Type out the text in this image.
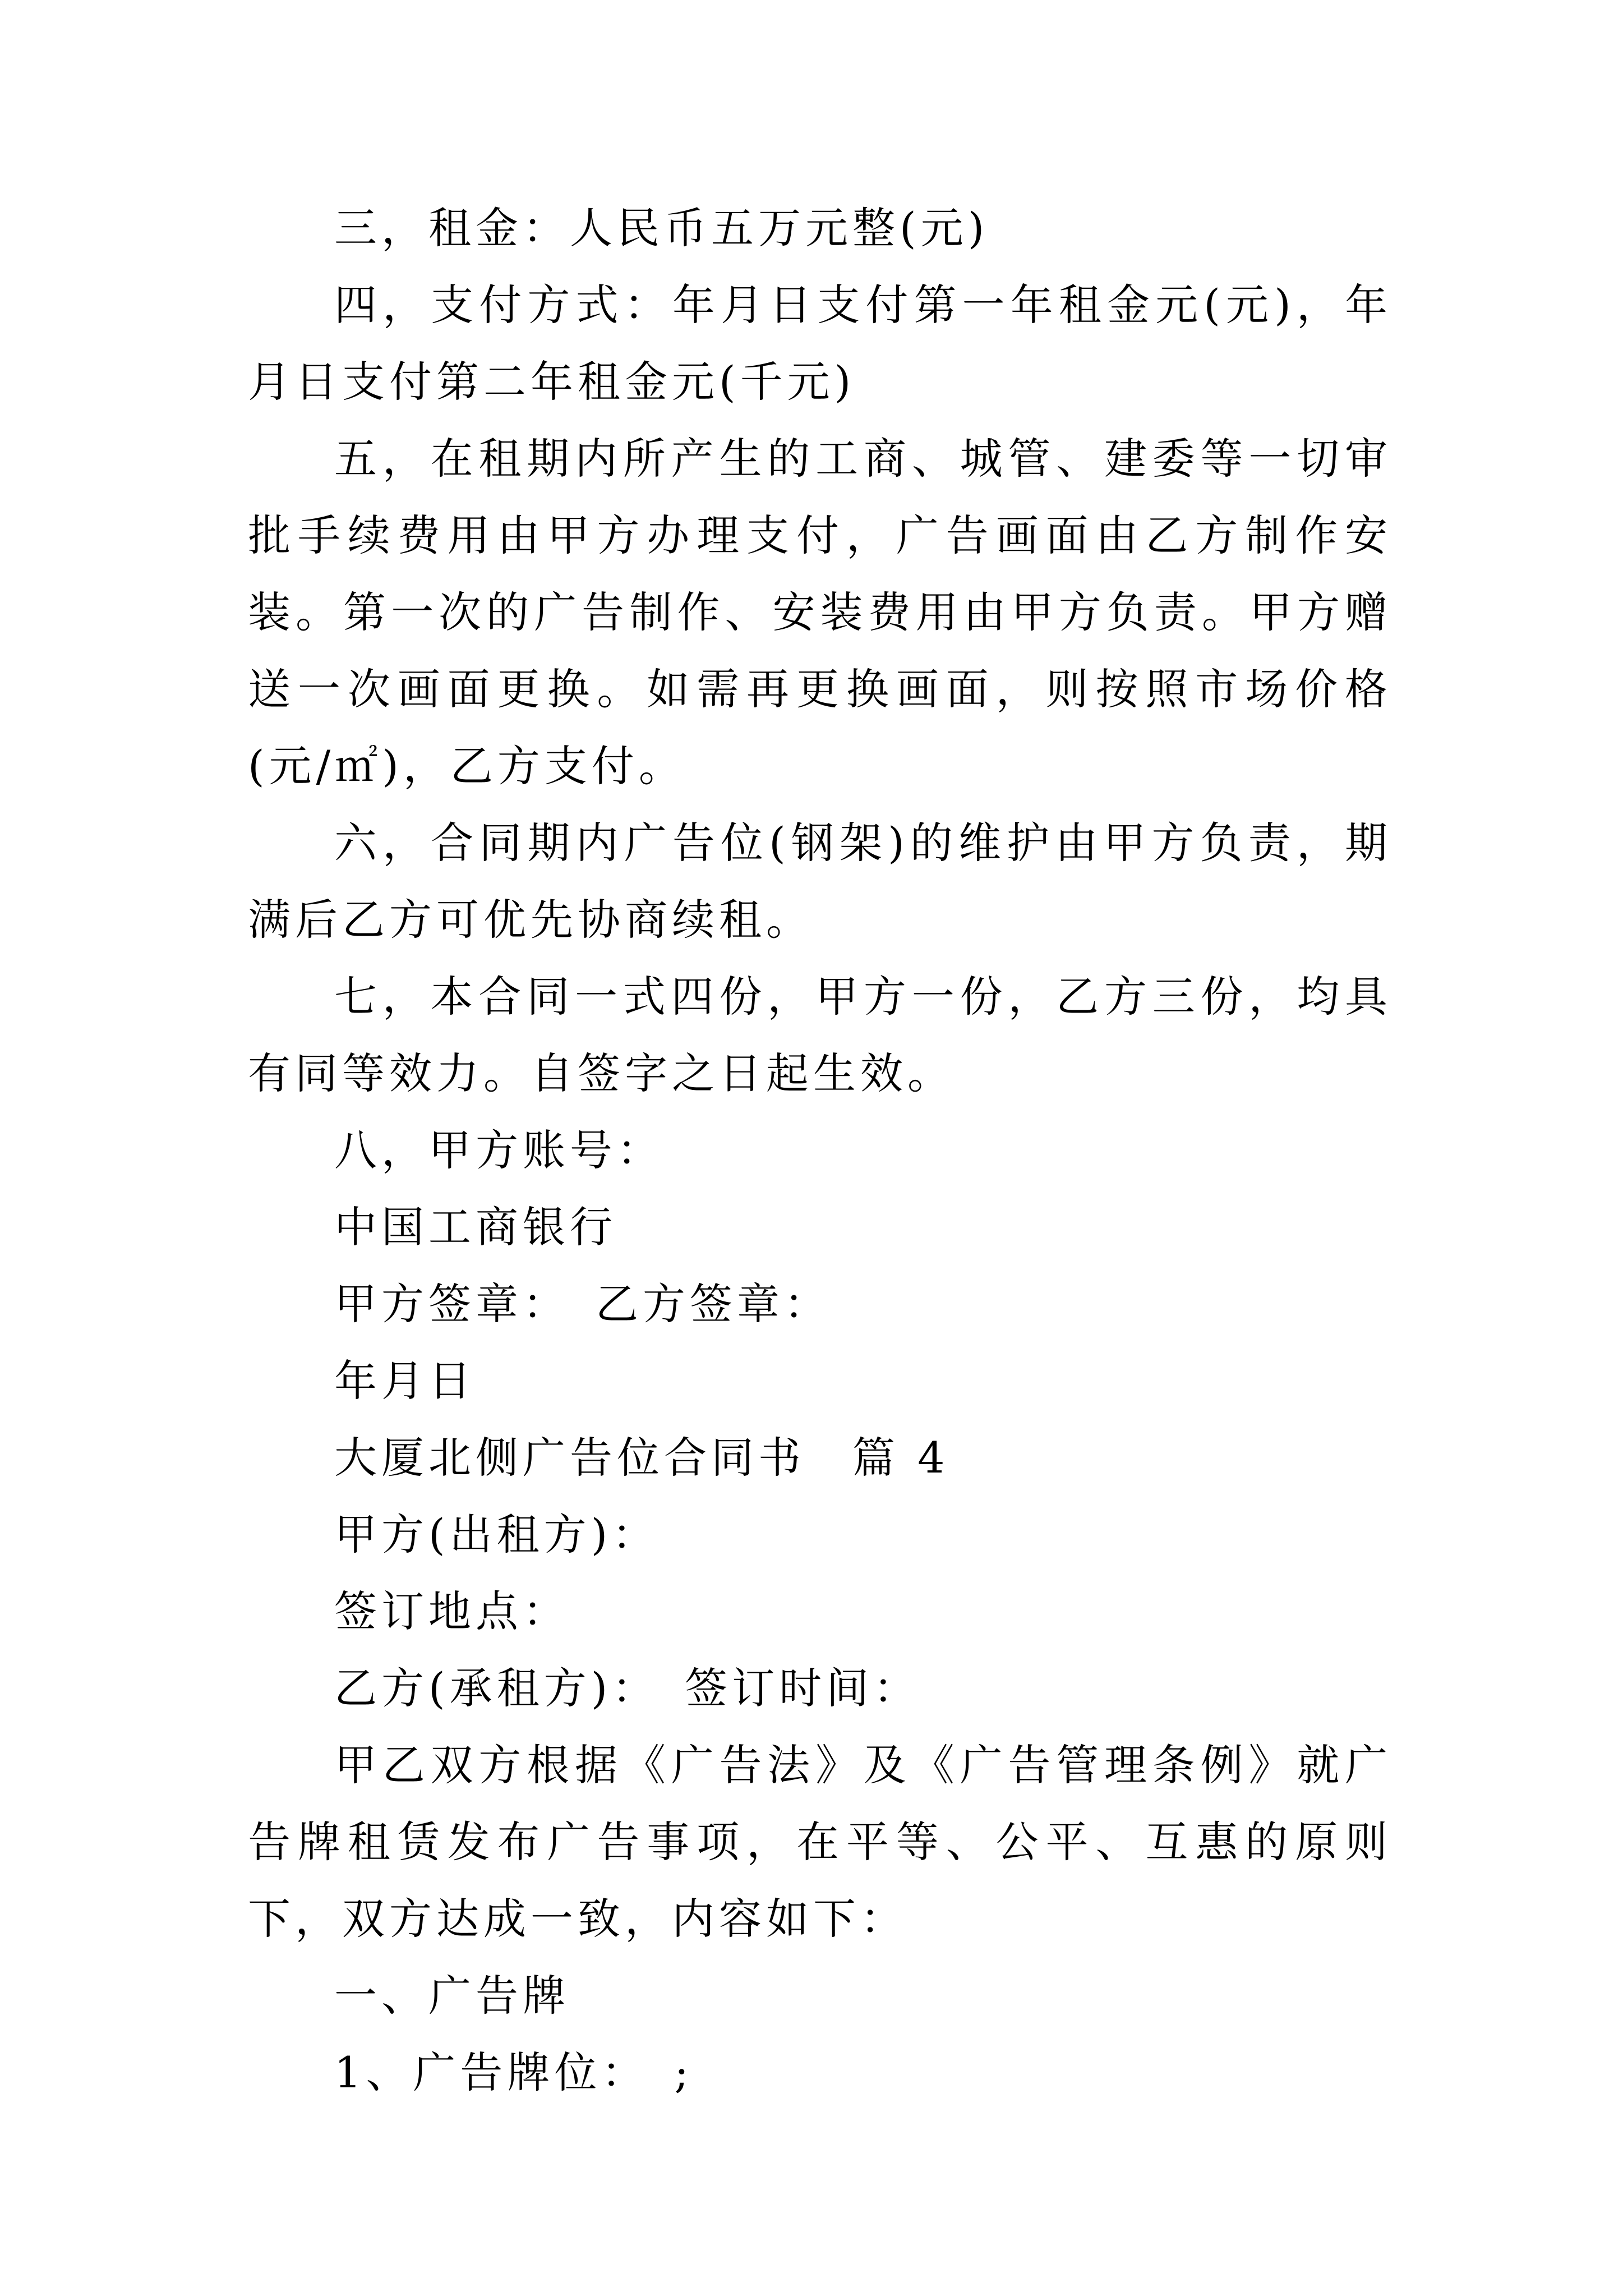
三，租金：人民币五万元整(元)

四，支付方式：年月日支付第一年租金元(元)，年月日支付第二年租金元(千元)

五，在租期内所产生的工商、城管、建委等一切审批手续费用由甲方办理支付，广告画面由乙方制作安装。第一次的广告制作、安装费用由甲方负责。甲方赠送一次画面更换。如需再更换画面，则按照市场价格(元/㎡)，乙方支付。

六，合同期内广告位(钢架)的维护由甲方负责，期满后乙方可优先协商续租。

七，本合同一式四份，甲方一份，乙方三份，均具有同等效力。自签字之日起生效。

八，甲方账号：

中国工商银行

甲方签章：　乙方签章：

年月日

大厦北侧广告位合同书　篇 4

甲方(出租方)：

签订地点：

乙方(承租方)：　签订时间：

甲乙双方根据《广告法》及《广告管理条例》就广告牌租赁发布广告事项，在平等、公平、互惠的原则下，双方达成一致，内容如下：

一、广告牌

1、广告牌位：　;
